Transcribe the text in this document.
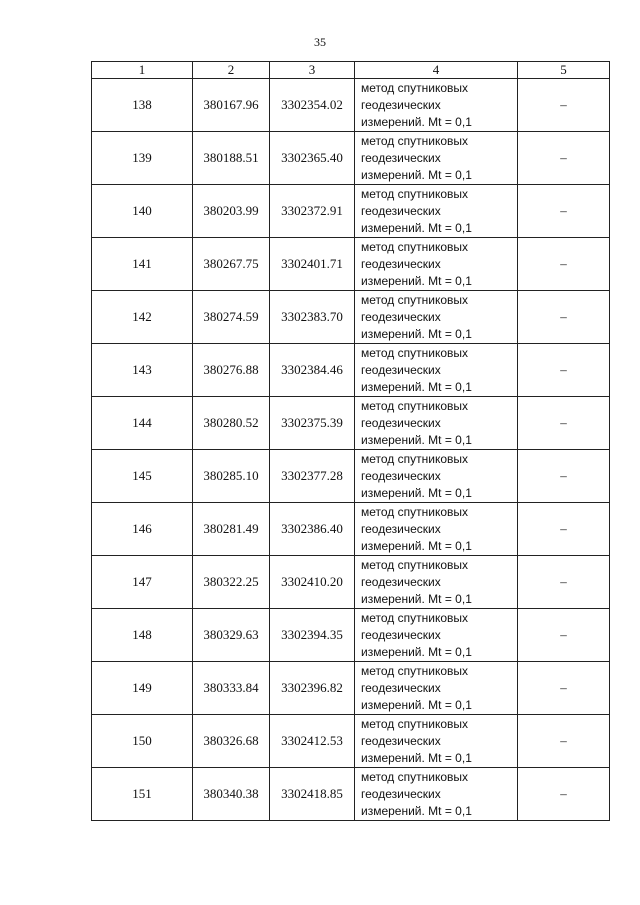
35
1	2	3	4	5
138	380167.96	3302354.02	метод спутниковых
геодезических
измерений. Mt = 0,1	–
139	380188.51	3302365.40	метод спутниковых
геодезических
измерений. Mt = 0,1	–
140	380203.99	3302372.91	метод спутниковых
геодезических
измерений. Mt = 0,1	–
141	380267.75	3302401.71	метод спутниковых
геодезических
измерений. Mt = 0,1	–
142	380274.59	3302383.70	метод спутниковых
геодезических
измерений. Mt = 0,1	–
143	380276.88	3302384.46	метод спутниковых
геодезических
измерений. Mt = 0,1	–
144	380280.52	3302375.39	метод спутниковых
геодезических
измерений. Mt = 0,1	–
145	380285.10	3302377.28	метод спутниковых
геодезических
измерений. Mt = 0,1	–
146	380281.49	3302386.40	метод спутниковых
геодезических
измерений. Mt = 0,1	–
147	380322.25	3302410.20	метод спутниковых
геодезических
измерений. Mt = 0,1	–
148	380329.63	3302394.35	метод спутниковых
геодезических
измерений. Mt = 0,1	–
149	380333.84	3302396.82	метод спутниковых
геодезических
измерений. Mt = 0,1	–
150	380326.68	3302412.53	метод спутниковых
геодезических
измерений. Mt = 0,1	–
151	380340.38	3302418.85	метод спутниковых
геодезических
измерений. Mt = 0,1	–
